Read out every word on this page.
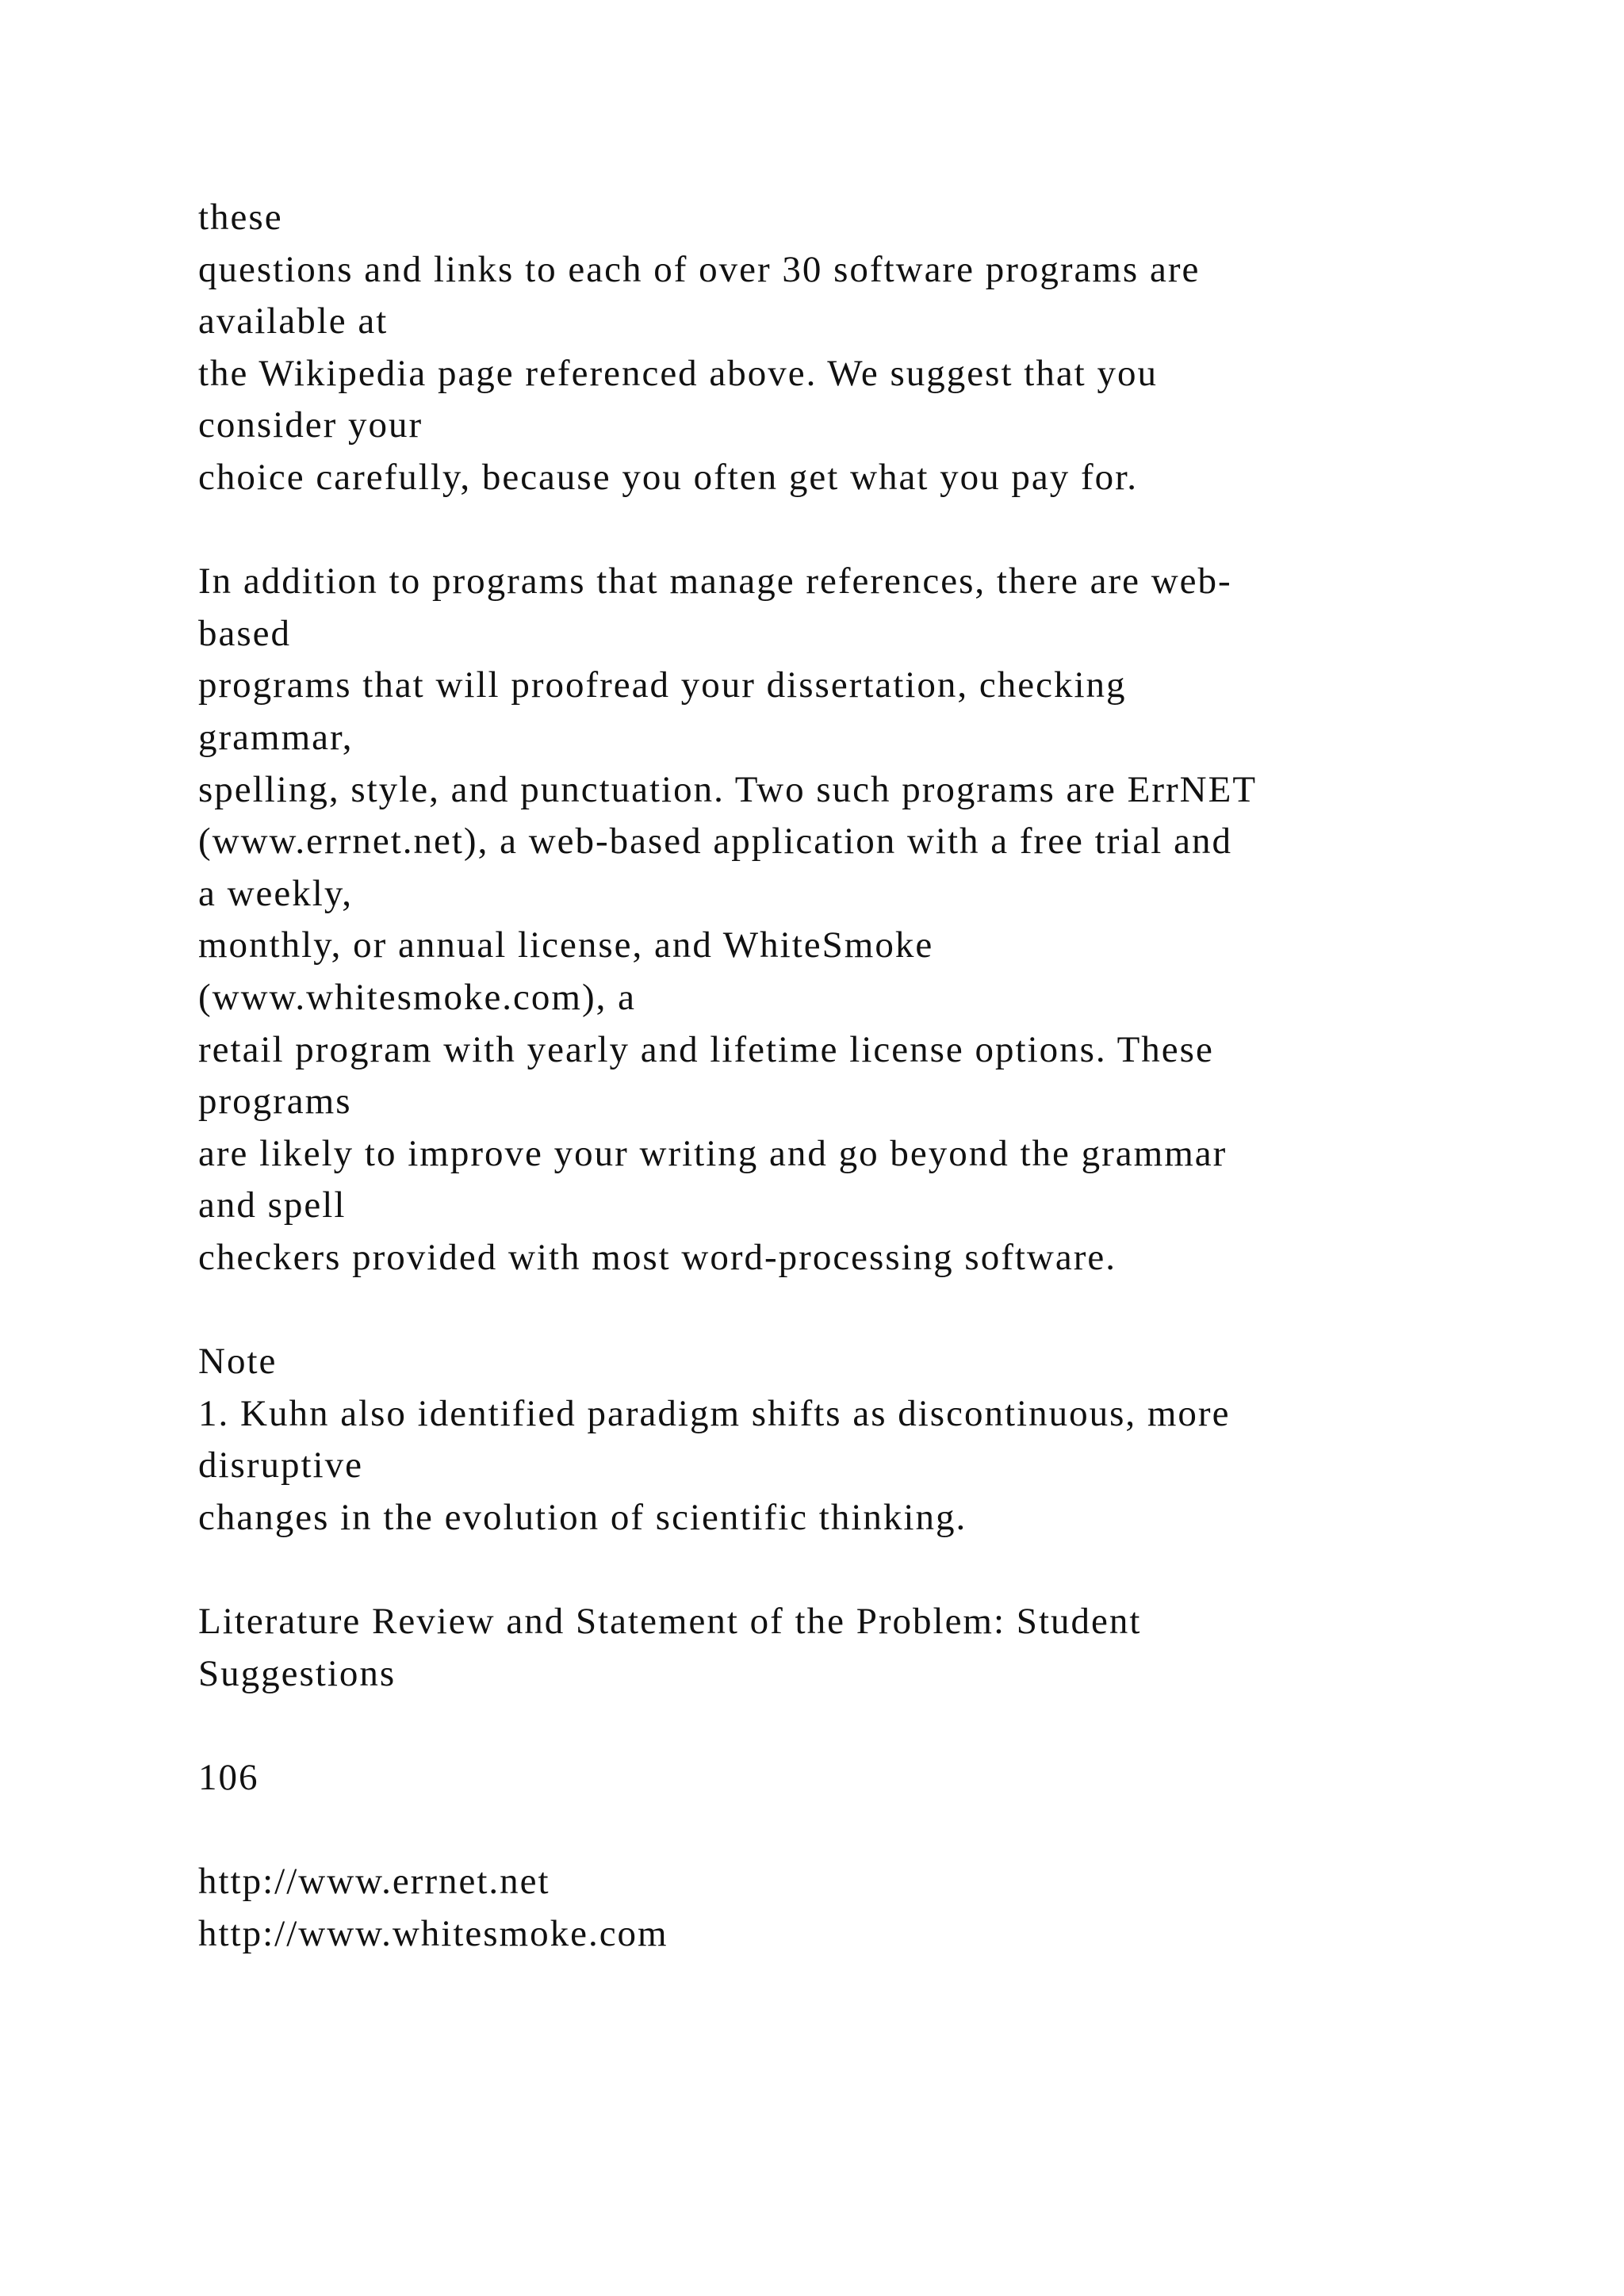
these
questions and links to each of over 30 software programs are
available at
the Wikipedia page referenced above. We suggest that you
consider your
choice carefully, because you often get what you pay for.
In addition to programs that manage references, there are web-
based
programs that will proofread your dissertation, checking
grammar,
spelling, style, and punctuation. Two such programs are ErrNET
(www.errnet.net), a web-based application with a free trial and
a weekly,
monthly, or annual license, and WhiteSmoke
(www.whitesmoke.com), a
retail program with yearly and lifetime license options. These
programs
are likely to improve your writing and go beyond the grammar
and spell
checkers provided with most word-processing software.
Note
1. Kuhn also identified paradigm shifts as discontinuous, more
disruptive
changes in the evolution of scientific thinking.
Literature Review and Statement of the Problem: Student
Suggestions
106
http://www.errnet.net
http://www.whitesmoke.com
